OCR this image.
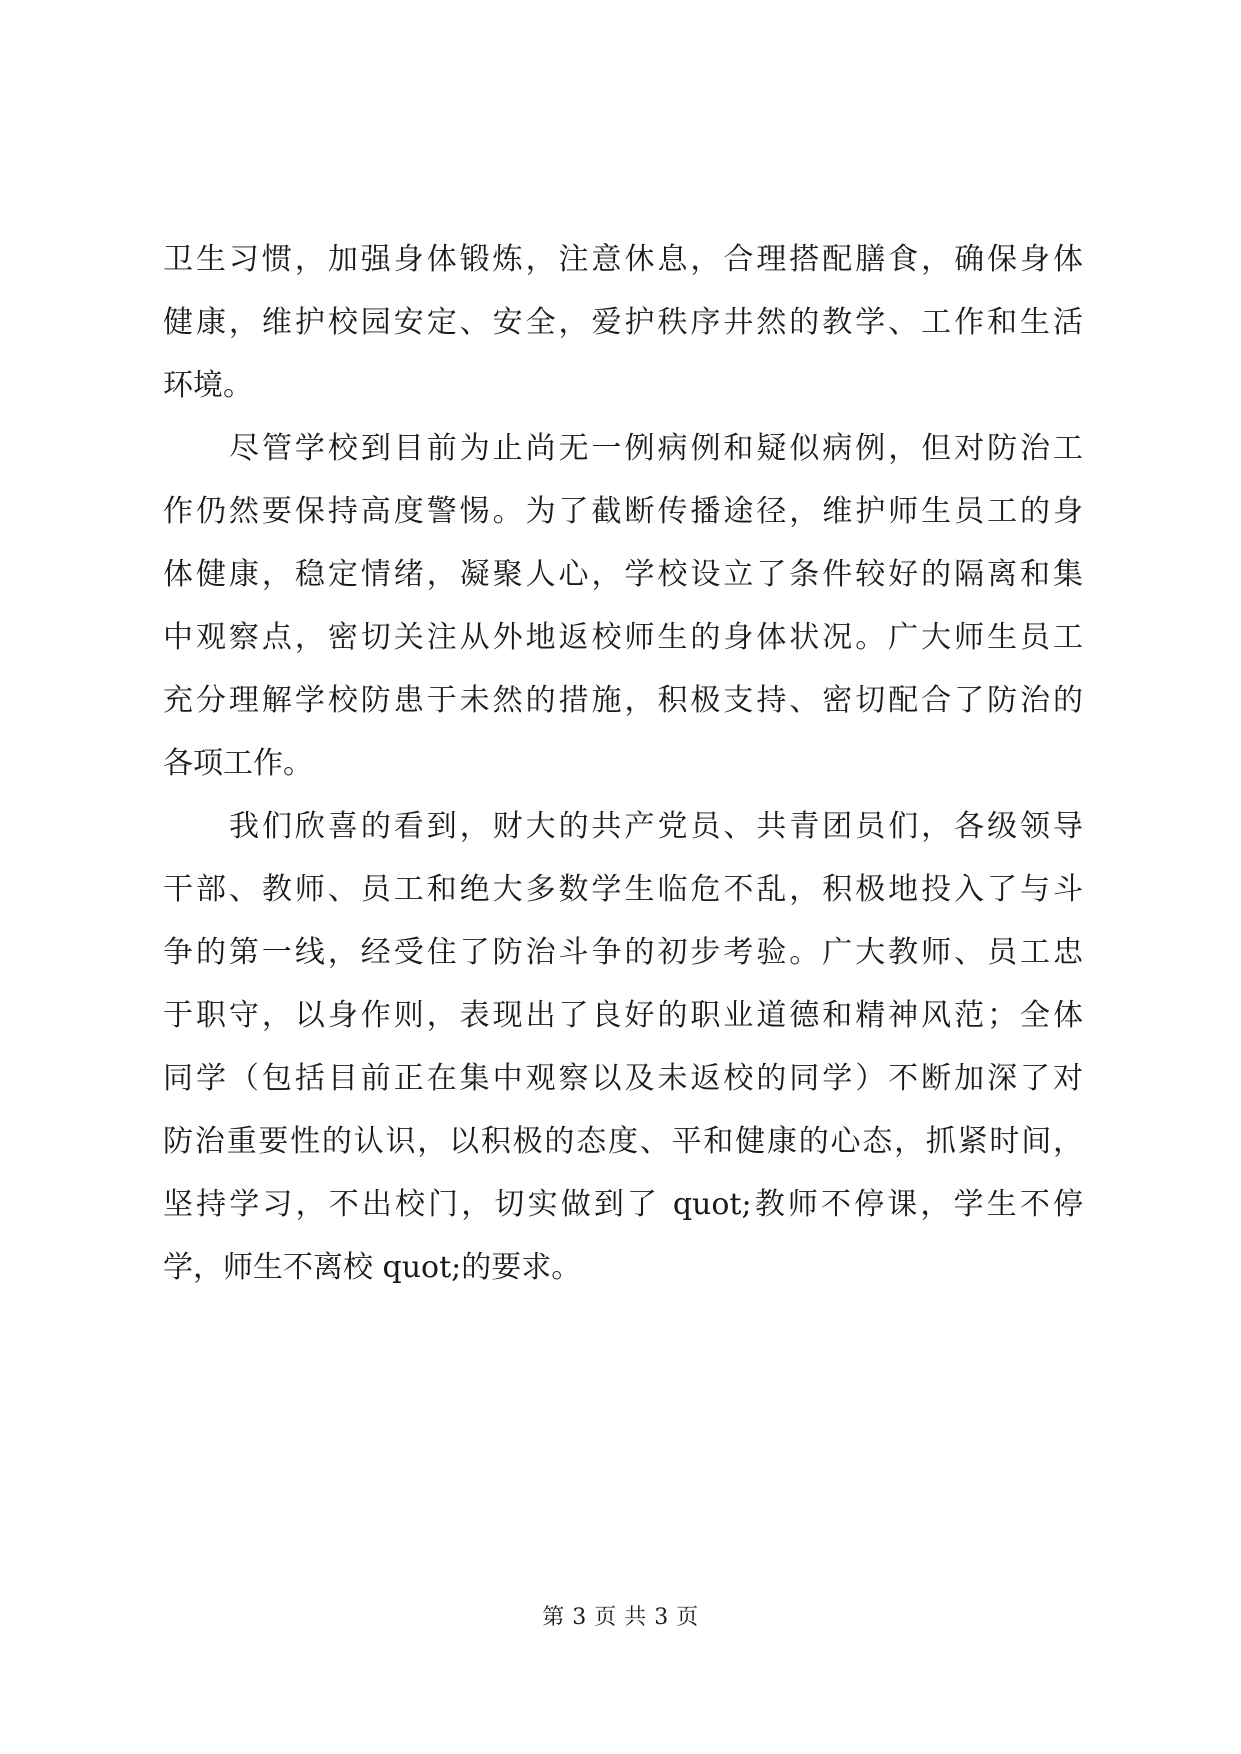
卫生习惯，加强身体锻炼，注意休息，合理搭配膳食，确保身体
健康，维护校园安定、安全，爱护秩序井然的教学、工作和生活
环境。
尽管学校到目前为止尚无一例病例和疑似病例，但对防治工
作仍然要保持高度警惕。为了截断传播途径，维护师生员工的身
体健康，稳定情绪，凝聚人心，学校设立了条件较好的隔离和集
中观察点，密切关注从外地返校师生的身体状况。广大师生员工
充分理解学校防患于未然的措施，积极支持、密切配合了防治的
各项工作。
我们欣喜的看到，财大的共产党员、共青团员们，各级领导
干部、教师、员工和绝大多数学生临危不乱，积极地投入了与斗
争的第一线，经受住了防治斗争的初步考验。广大教师、员工忠
于职守，以身作则，表现出了良好的职业道德和精神风范；全体
同学（包括目前正在集中观察以及未返校的同学）不断加深了对
防治重要性的认识，以积极的态度、平和健康的心态，抓紧时间，
坚持学习，不出校门，切实做到了 quot;教师不停课，学生不停
学，师生不离校 quot;的要求。
第 3 页 共 3 页
